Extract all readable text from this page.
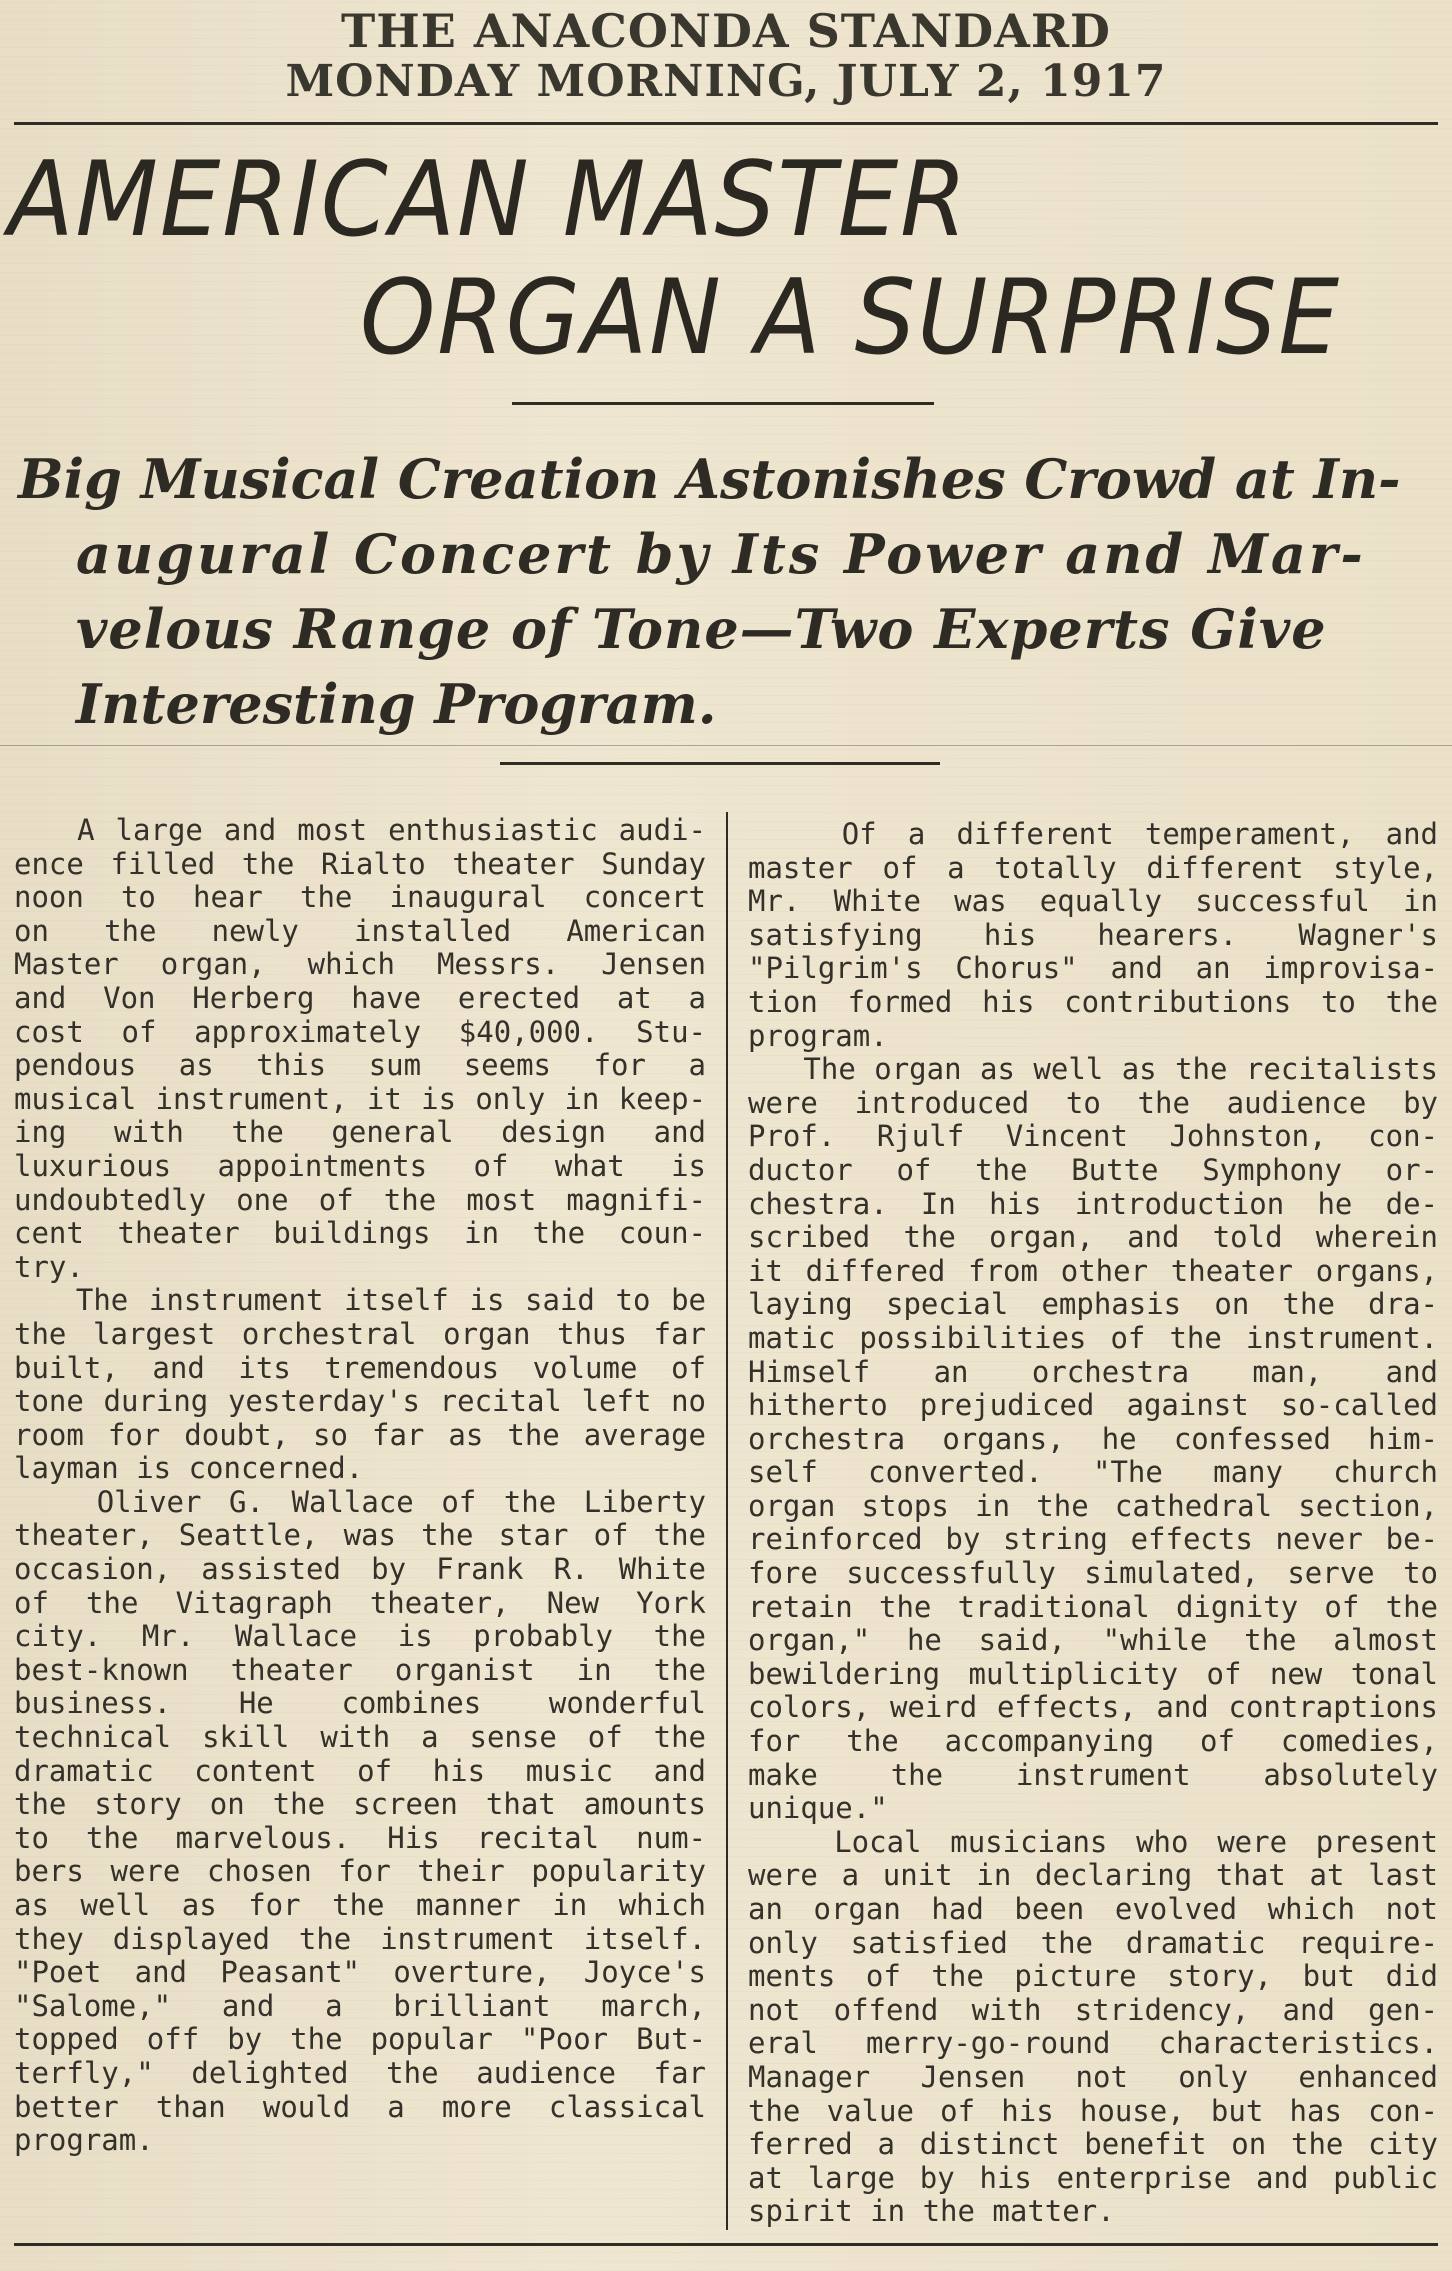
THE ANACONDA STANDARD
MONDAY MORNING, JULY 2, 1917
AMERICAN MASTER
ORGAN A SURPRISE
Big Musical Creation Astonishes Crowd at In-
augural Concert by Its Power and Mar-
velous Range of Tone—Two Experts Give
Interesting Program.

A large and most enthusiastic audi-

ence filled the Rialto theater Sunday

noon to hear the inaugural concert

on the newly installed American

Master organ, which Messrs. Jensen

and Von Herberg have erected at a

cost of approximately $40,000. Stu-

pendous as this sum seems for a

musical instrument, it is only in keep-

ing with the general design and

luxurious appointments of what is

undoubtedly one of the most magnifi-

cent theater buildings in the coun-

try.

The instrument itself is said to be

the largest orchestral organ thus far

built, and its tremendous volume of

tone during yesterday's recital left no

room for doubt, so far as the average

layman is concerned.

Oliver G. Wallace of the Liberty

theater, Seattle, was the star of the

occasion, assisted by Frank R. White

of the Vitagraph theater, New York

city. Mr. Wallace is probably the

best-known theater organist in the

business. He combines wonderful

technical skill with a sense of the

dramatic content of his music and

the story on the screen that amounts

to the marvelous. His recital num-

bers were chosen for their popularity

as well as for the manner in which

they displayed the instrument itself.

"Poet and Peasant" overture, Joyce's

"Salome," and a brilliant march,

topped off by the popular "Poor But-

terfly," delighted the audience far

better than would a more classical

program.

Of a different temperament, and

master of a totally different style,

Mr. White was equally successful in

satisfying his hearers. Wagner's

"Pilgrim's Chorus" and an improvisa-

tion formed his contributions to the

program.

The organ as well as the recitalists

were introduced to the audience by

Prof. Rjulf Vincent Johnston, con-

ductor of the Butte Symphony or-

chestra. In his introduction he de-

scribed the organ, and told wherein

it differed from other theater organs,

laying special emphasis on the dra-

matic possibilities of the instrument.

Himself an orchestra man, and

hitherto prejudiced against so-called

orchestra organs, he confessed him-

self converted. "The many church

organ stops in the cathedral section,

reinforced by string effects never be-

fore successfully simulated, serve to

retain the traditional dignity of the

organ," he said, "while the almost

bewildering multiplicity of new tonal

colors, weird effects, and contraptions

for the accompanying of comedies,

make the instrument absolutely

unique."

Local musicians who were present

were a unit in declaring that at last

an organ had been evolved which not

only satisfied the dramatic require-

ments of the picture story, but did

not offend with stridency, and gen-

eral merry-go-round characteristics.

Manager Jensen not only enhanced

the value of his house, but has con-

ferred a distinct benefit on the city

at large by his enterprise and public

spirit in the matter.
